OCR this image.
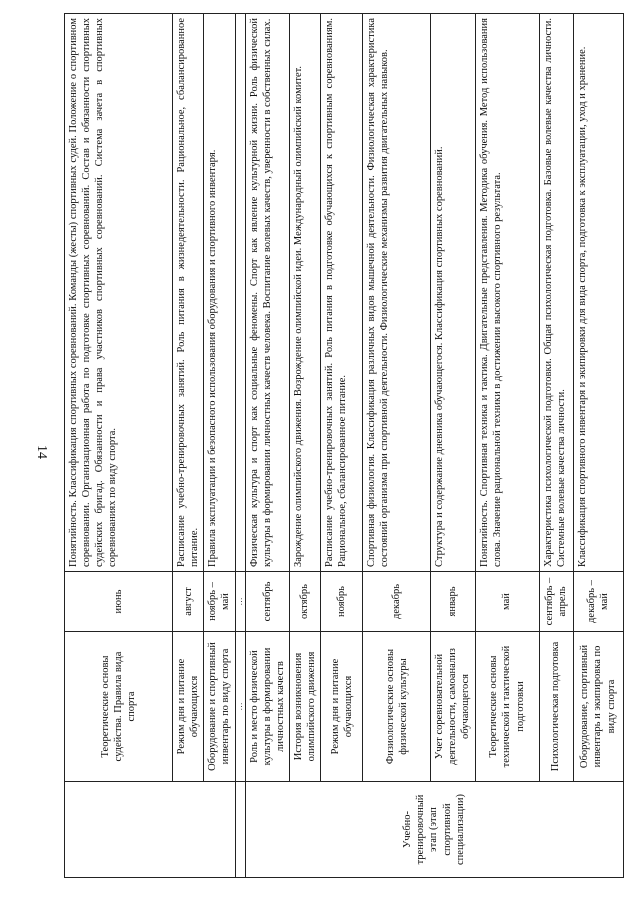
14
	Теоретические основы судейства. Правила вида спорта	июнь	Понятийность. Классификация спортивных соревнований. Команды (жесты) спортивных судей. Положение о спортивном соревновании. Организационная работа по подготовке спортивных соревнований. Состав и обязанности спортивных судейских бригад. Обязанности и права участников спортивных соревнований. Система зачета в спортивных соревнованиях по виду спорта.
	Режим дня и питание обучающихся	август	Расписание учебно-тренировочных занятий. Роль питания в жизнедеятельности. Рациональное, сбалансированное питание.
	Оборудование и спортивный инвентарь по виду спорта	ноябрь – май	Правила эксплуатации и безопасного использования оборудования и спортивного инвентаря.
	…	…	
Учебно-тренировочный этап (этап спортивной специализации)	Роль и место физической культуры в формировании личностных качеств	сентябрь	Физическая культура и спорт как социальные феномены. Спорт как явление культурной жизни. Роль физической культуры в формировании личностных качеств человека. Воспитание волевых качеств, уверенности в собственных силах.
	История возникновения олимпийского движения	октябрь	Зарождение олимпийского движения. Возрождение олимпийской идеи. Международный олимпийский комитет.
	Режим дня и питание обучающихся	ноябрь	Расписание учебно-тренировочных занятий. Роль питания в подготовке обучающихся к спортивным соревнованиям. Рациональное, сбалансированное питание.
	Физиологические основы физической культуры	декабрь	Спортивная физиология. Классификация различных видов мышечной деятельности. Физиологическая характеристика состояний организма при спортивной деятельности. Физиологические механизмы развития двигательных навыков.
	Учет соревновательной деятельности, самоанализ обучающегося	январь	Структура и содержание дневника обучающегося. Классификация спортивных соревнований.
	Теоретические основы технической и тактической подготовки	май	Понятийность. Спортивная техника и тактика. Двигательные представления. Методика обучения. Метод использования слова. Значение рациональной техники в достижении высокого спортивного результата.
	Психологическая подготовка	сентябрь – апрель	Характеристика психологической подготовки. Общая психологическая подготовка. Базовые волевые качества личности. Системные волевые качества личности.
	Оборудование, спортивный инвентарь и экипировка по виду спорта	декабрь – май	Классификация спортивного инвентаря и экипировки для вида спорта, подготовка к эксплуатации, уход и хранение.
